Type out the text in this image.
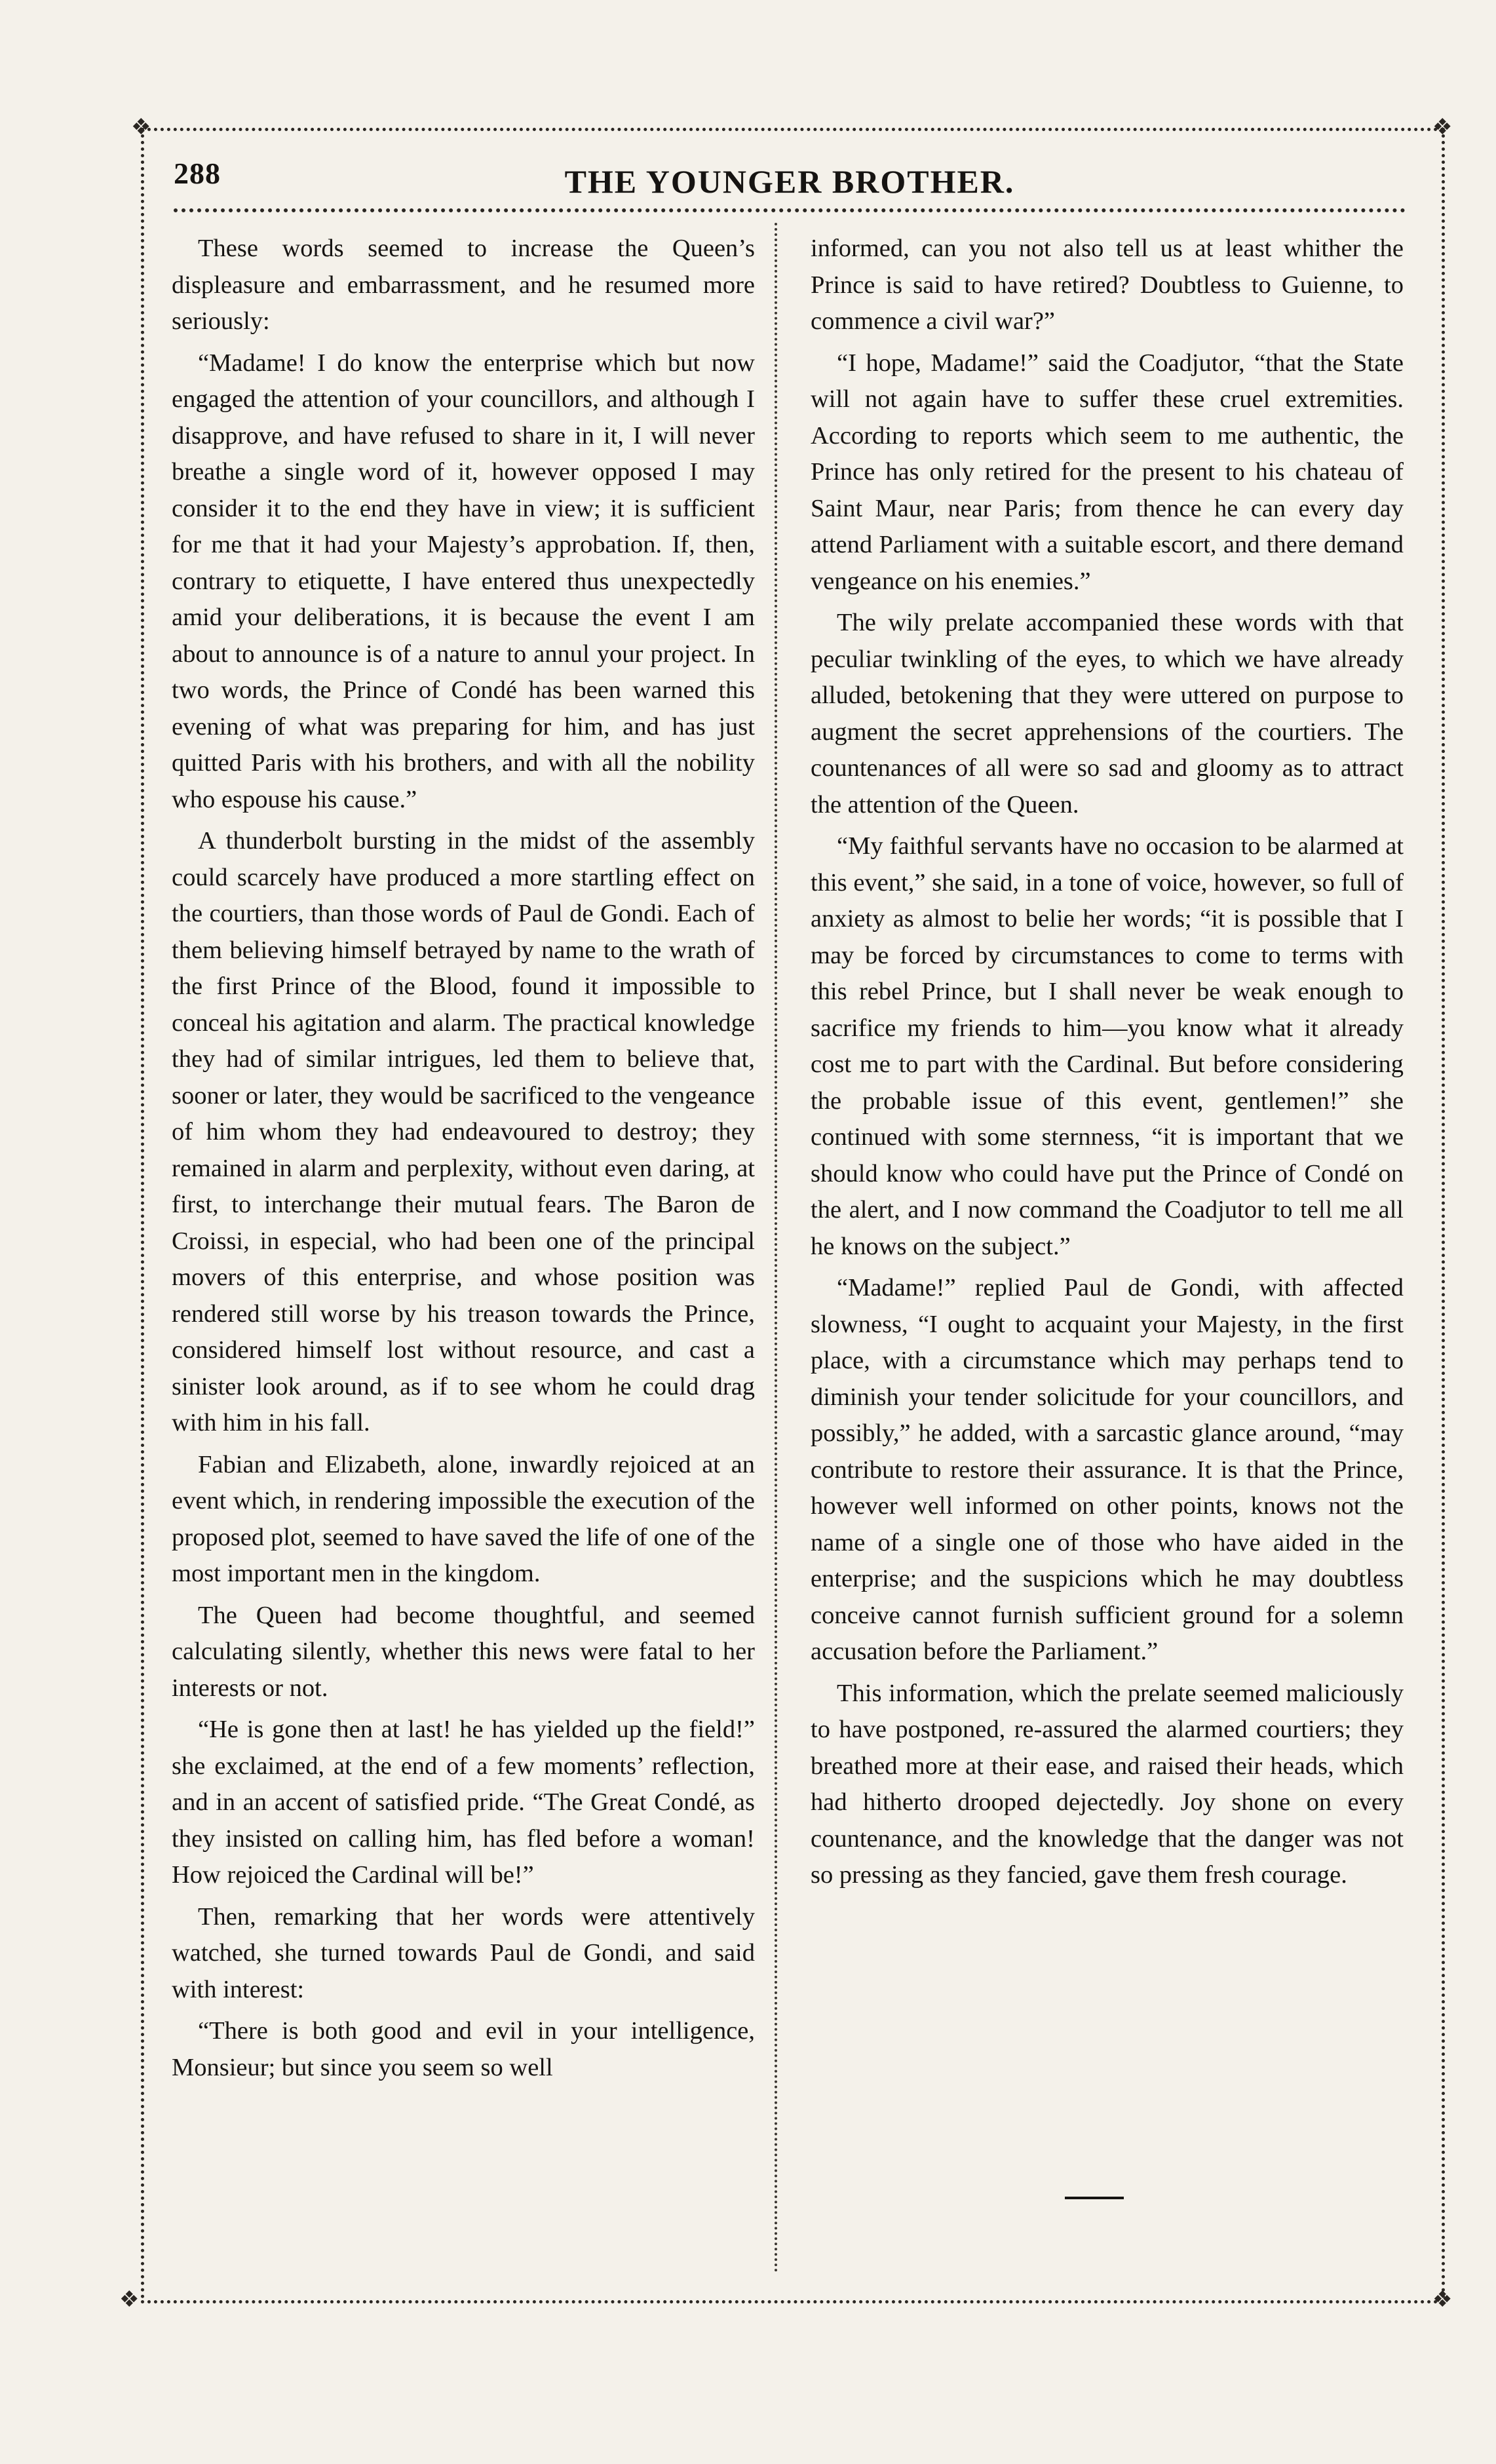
❖	❖
❖	❖
288	THE YOUNGER BROTHER.

These words seemed to increase the Queen’s displeasure and embarrassment, and he resumed more seriously:

“Madame! I do know the enterprise which but now engaged the attention of your councillors, and although I disapprove, and have refused to share in it, I will never breathe a single word of it, however opposed I may consider it to the end they have in view; it is sufficient for me that it had your Majesty’s approbation. If, then, contrary to etiquette, I have entered thus unexpectedly amid your deliberations, it is because the event I am about to announce is of a nature to annul your project. In two words, the Prince of Condé has been warned this evening of what was preparing for him, and has just quitted Paris with his brothers, and with all the nobility who espouse his cause.”

A thunderbolt bursting in the midst of the assembly could scarcely have produced a more startling effect on the courtiers, than those words of Paul de Gondi. Each of them believing himself betrayed by name to the wrath of the first Prince of the Blood, found it impossible to conceal his agitation and alarm. The practical knowledge they had of similar intrigues, led them to believe that, sooner or later, they would be sacrificed to the vengeance of him whom they had endeavoured to destroy; they remained in alarm and perplexity, without even daring, at first, to interchange their mutual fears. The Baron de Croissi, in especial, who had been one of the principal movers of this enterprise, and whose position was rendered still worse by his treason towards the Prince, considered himself lost without resource, and cast a sinister look around, as if to see whom he could drag with him in his fall.

Fabian and Elizabeth, alone, inwardly rejoiced at an event which, in rendering impossible the execution of the proposed plot, seemed to have saved the life of one of the most important men in the kingdom.

The Queen had become thoughtful, and seemed calculating silently, whether this news were fatal to her interests or not.

“He is gone then at last! he has yielded up the field!” she exclaimed, at the end of a few moments’ reflection, and in an accent of satisfied pride. “The Great Condé, as they insisted on calling him, has fled before a woman! How rejoiced the Cardinal will be!”

Then, remarking that her words were attentively watched, she turned towards Paul de Gondi, and said with interest:

“There is both good and evil in your intelligence, Monsieur; but since you seem so well

informed, can you not also tell us at least whither the Prince is said to have retired? Doubtless to Guienne, to commence a civil war?”

“I hope, Madame!” said the Coadjutor, “that the State will not again have to suffer these cruel extremities. According to reports which seem to me authentic, the Prince has only retired for the present to his chateau of Saint Maur, near Paris; from thence he can every day attend Parliament with a suitable escort, and there demand vengeance on his enemies.”

The wily prelate accompanied these words with that peculiar twinkling of the eyes, to which we have already alluded, betokening that they were uttered on purpose to augment the secret apprehensions of the courtiers. The countenances of all were so sad and gloomy as to attract the attention of the Queen.

“My faithful servants have no occasion to be alarmed at this event,” she said, in a tone of voice, however, so full of anxiety as almost to belie her words; “it is possible that I may be forced by circumstances to come to terms with this rebel Prince, but I shall never be weak enough to sacrifice my friends to him—you know what it already cost me to part with the Cardinal. But before considering the probable issue of this event, gentlemen!” she continued with some sternness, “it is important that we should know who could have put the Prince of Condé on the alert, and I now command the Coadjutor to tell me all he knows on the subject.”

“Madame!” replied Paul de Gondi, with affected slowness, “I ought to acquaint your Majesty, in the first place, with a circumstance which may perhaps tend to diminish your tender solicitude for your councillors, and possibly,” he added, with a sarcastic glance around, “may contribute to restore their assurance. It is that the Prince, however well informed on other points, knows not the name of a single one of those who have aided in the enterprise; and the suspicions which he may doubtless conceive cannot furnish sufficient ground for a solemn accusation before the Parliament.”

This information, which the prelate seemed maliciously to have postponed, re-assured the alarmed courtiers; they breathed more at their ease, and raised their heads, which had hitherto drooped dejectedly. Joy shone on every countenance, and the knowledge that the danger was not so pressing as they fancied, gave them fresh courage.
